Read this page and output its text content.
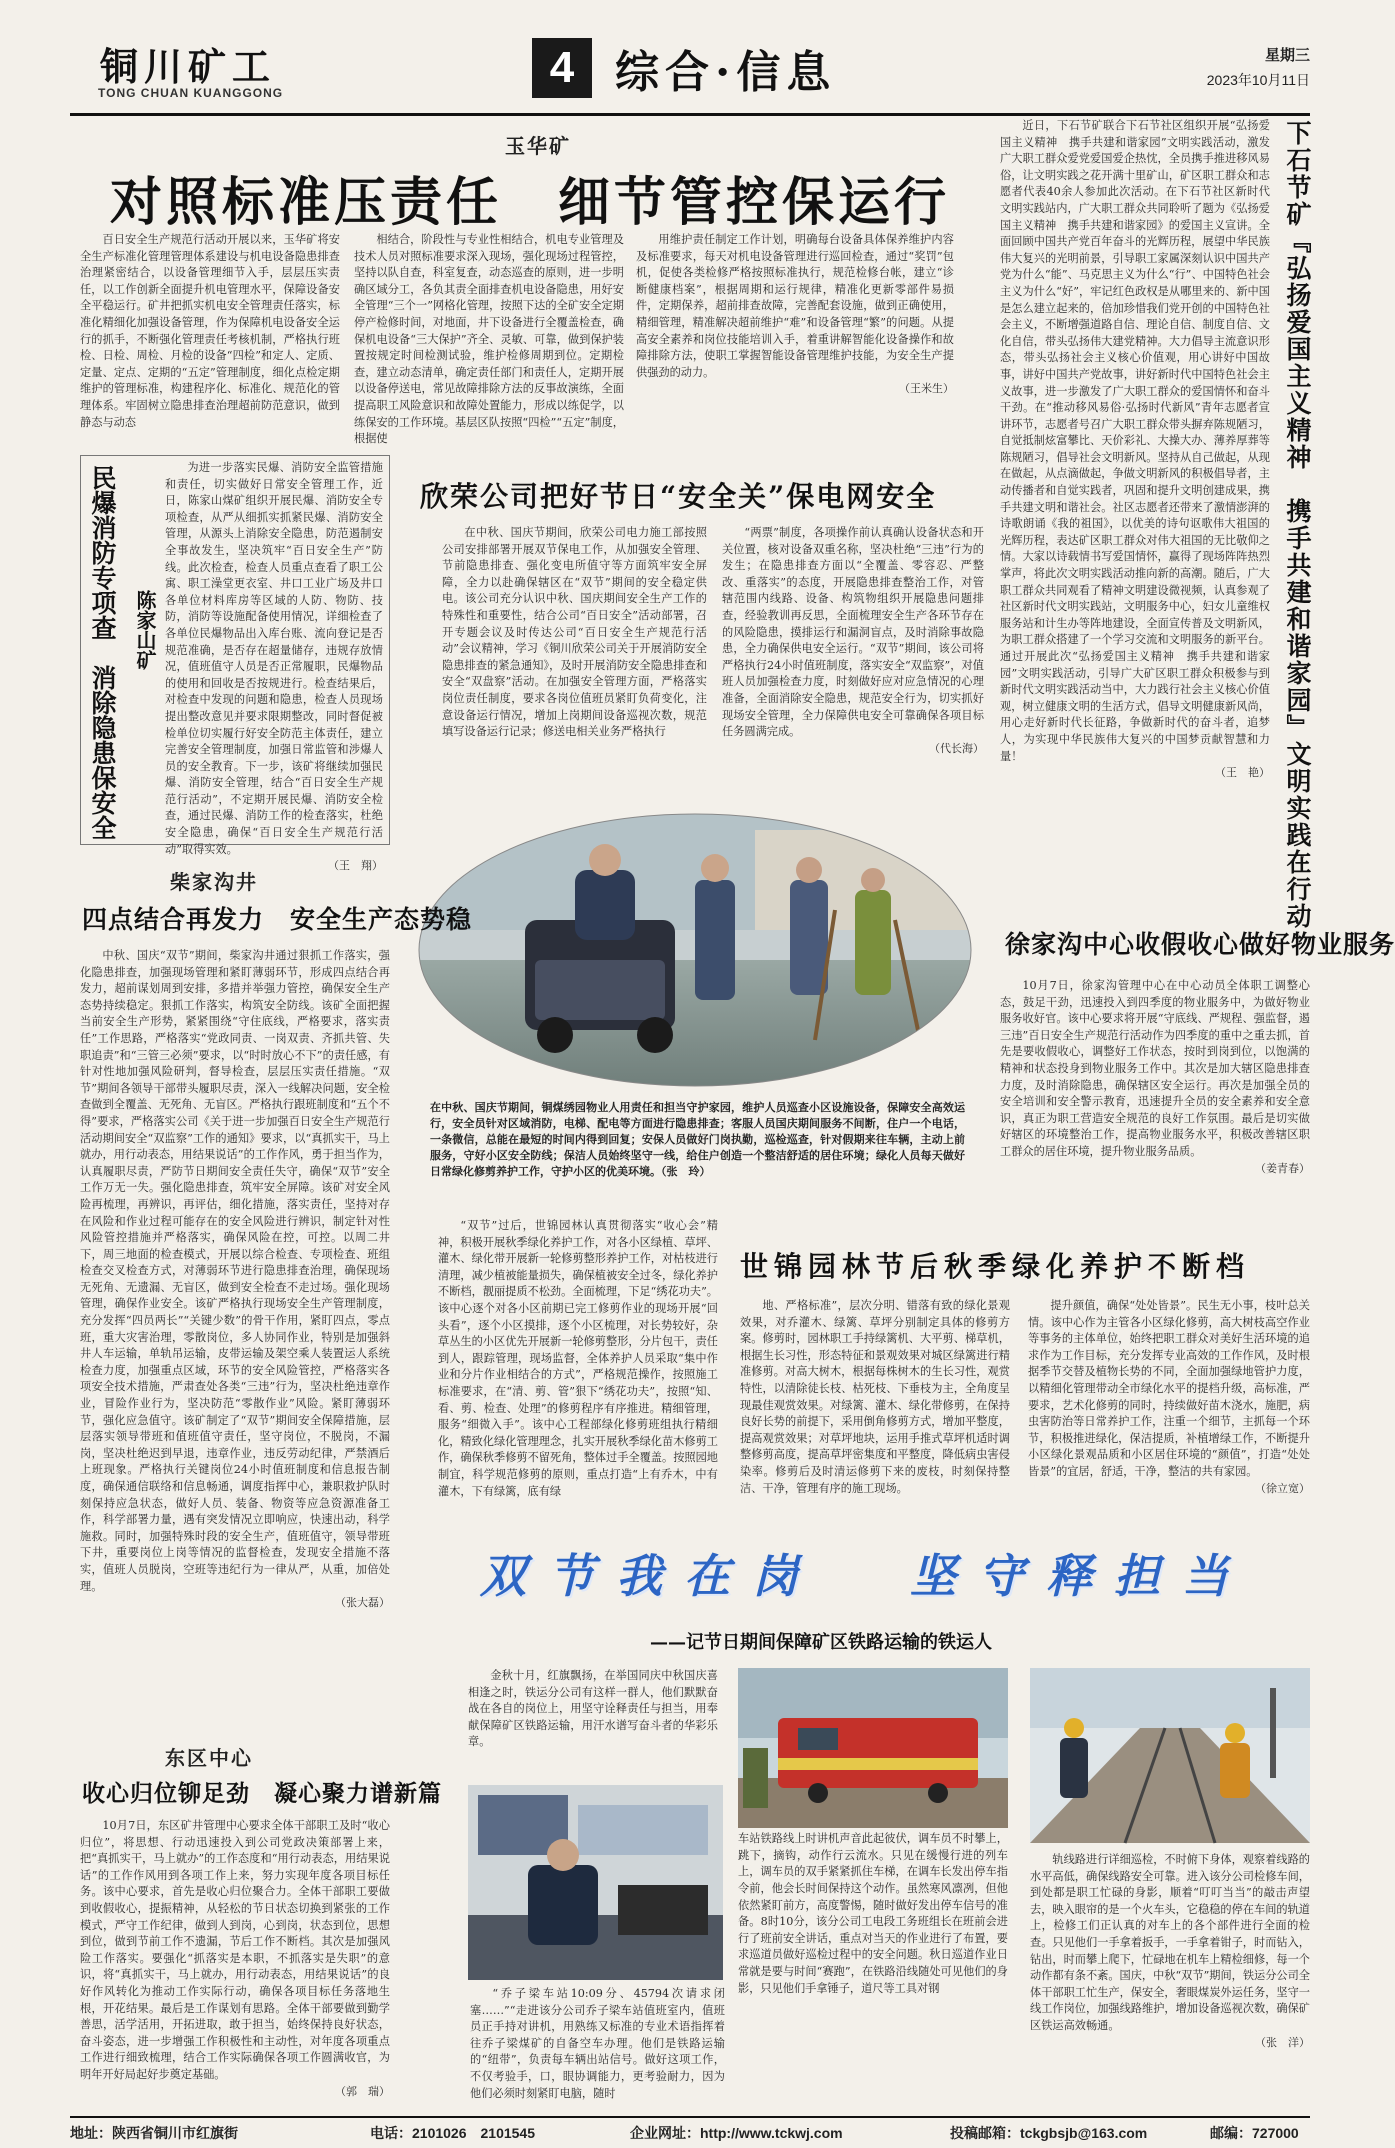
铜川矿工
TONG CHUAN KUANGGONG
4 综合·信息	星期三
2023年10月11日
玉华矿
对照标准压责任　细节管控保运行

百日安全生产规范行活动开展以来，玉华矿将安全生产标准化管理管理体系建设与机电设备隐患排查治理紧密结合，以设备管理细节入手，层层压实责任，以工作创新全面提升机电管理水平，保障设备安全平稳运行。矿井把抓实机电安全管理责任落实，标准化精细化加强设备管理，作为保障机电设备安全运行的抓手，不断强化管理责任考核机制，严格执行班检、日检、周检、月检的设备“四检”和定人、定质、定量、定点、定期的“五定”管理制度，细化点检定期维护的管理标准，构建程序化、标准化、规范化的管理体系。牢固树立隐患排查治理超前防范意识，做到静态与动态

相结合，阶段性与专业性相结合，机电专业管理及技术人员对照标准要求深入现场，强化现场过程管控，坚持以队自查，科室复查，动态巡查的原则，进一步明确区域分工，各负其责全面排查机电设备隐患，用好安全管理“三个一”网格化管理，按照下达的全矿安全定期停产检修时间，对地面，井下设备进行全覆盖检查，确保机电设备“三大保护”齐全、灵敏、可靠，做到保护装置按规定时间检测试验，维护检修周期到位。定期检查，建立动态清单，确定责任部门和责任人，定期开展以设备停送电，常见故障排除方法的反事故演练，全面提高职工风险意识和故障处置能力，形成以练促学，以练保安的工作环境。基层区队按照“四检”“五定”制度，根据使

用维护责任制定工作计划，明确每台设备具体保养维护内容及标准要求，每天对机电设备管理进行巡回检查，通过“奖罚”包机，促使各类检修严格按照标准执行，规范检修台帐，建立“诊断健康档案”，根据周期和运行规律，精准化更新零部件易损件，定期保养，超前排查故障，完善配套设施，做到正确使用，精细管理，精准解决超前维护“难”和设备管理“繁”的问题。从提高安全素养和岗位技能培训入手，着重讲解智能化设备操作和故障排除方法，使职工掌握智能设备管理维护技能，为安全生产提供强劲的动力。

（王米生）

近日，下石节矿联合下石节社区组织开展“弘扬爱国主义精神　携手共建和谐家园”文明实践活动，激发广大职工群众爱党爱国爱企热忱，全员携手推进移风易俗，让文明实践之花开满十里矿山，矿区职工群众和志愿者代表40余人参加此次活动。在下石节社区新时代文明实践站内，广大职工群众共同聆听了题为《弘扬爱国主义精神　携手共建和谐家园》的爱国主义宣讲。全面回顾中国共产党百年奋斗的光辉历程，展望中华民族伟大复兴的光明前景，引导职工家属深刻认识中国共产党为什么“能”、马克思主义为什么“行”、中国特色社会主义为什么“好”，牢记红色政权是从哪里来的、新中国是怎么建立起来的，倍加珍惜我们党开创的中国特色社会主义，不断增强道路自信、理论自信、制度自信、文化自信，带头弘扬伟大建党精神。大力倡导主流意识形态，带头弘扬社会主义核心价值观，用心讲好中国故事，讲好中国共产党故事，讲好新时代中国特色社会主义故事，进一步激发了广大职工群众的爱国情怀和奋斗干劲。在“推动移风易俗·弘扬时代新风”青年志愿者宣讲环节，志愿者号召广大职工群众带头摒弃陈规陋习，自觉抵制炫富攀比、天价彩礼、大操大办、薄养厚葬等陈规陋习，倡导社会文明新风。坚持从自己做起，从现在做起，从点滴做起，争做文明新风的积极倡导者，主动传播者和自觉实践者，巩固和提升文明创建成果，携手共建文明和谐社会。社区志愿者还带来了激情澎湃的诗歌朗诵《我的祖国》，以优美的诗句讴歌伟大祖国的光辉历程，表达矿区职工群众对伟大祖国的无比敬仰之情。大家以诗载情书写爱国情怀，赢得了现场阵阵热烈掌声，将此次文明实践活动推向新的高潮。随后，广大职工群众共同观看了精神文明建设微视频，认真参观了社区新时代文明实践站，文明服务中心，妇女儿童维权服务站和计生办等阵地建设，全面宣传普及文明新风，为职工群众搭建了一个学习交流和文明服务的新平台。通过开展此次“弘扬爱国主义精神　携手共建和谐家园”文明实践活动，引导广大矿区职工群众积极参与到新时代文明实践活动当中，大力践行社会主义核心价值观，树立健康文明的生活方式，倡导文明健康新风尚，用心走好新时代长征路，争做新时代的奋斗者，追梦人，为实现中华民族伟大复兴的中国梦贡献智慧和力量！

（王　艳） 下石节矿『弘扬爱国主义精神　携手共建和谐家园』文明实践在行动
民爆消防专项查　消除隐患保安全 陈家山矿

为进一步落实民爆、消防安全监管措施和责任，切实做好日常安全管理工作，近日，陈家山煤矿组织开展民爆、消防安全专项检查，从严从细抓实抓紧民爆、消防安全管理，从源头上消除安全隐患，防范遏制安全事故发生，坚决筑牢“百日安全生产”防线。此次检查，检查人员重点查看了职工公寓、职工澡堂更衣室、井口工业广场及井口各单位材料库房等区域的人防、物防、技防，消防等设施配备使用情况，详细检查了各单位民爆物品出入库台账、流向登记是否规范准确，是否存在超量储存，违规存放情况，值班值守人员是否正常履职，民爆物品的使用和回收是否按规进行。检查结果后，对检查中发现的问题和隐患，检查人员现场提出整改意见并要求限期整改，同时督促被检单位切实履行好安全防范主体责任，建立完善安全管理制度，加强日常监管和涉爆人员的安全教育。下一步，该矿将继续加强民爆、消防安全管理，结合“百日安全生产规范行活动”，不定期开展民爆、消防安全检查，通过民爆、消防工作的检查落实，杜绝安全隐患，确保“百日安全生产规范行活动”取得实效。

（王　翔）
欣荣公司把好节日“安全关”保电网安全

在中秋、国庆节期间，欣荣公司电力施工部按照公司安排部署开展双节保电工作，从加强安全管理、节前隐患排查、强化变电所值守等方面筑牢安全屏障，全力以赴确保辖区在“双节”期间的安全稳定供电。该公司充分认识中秋、国庆期间安全生产工作的特殊性和重要性，结合公司“百日安全”活动部署，召开专题会议及时传达公司“百日安全生产规范行活动”会议精神，学习《铜川欣荣公司关于开展消防安全隐患排查的紧急通知》，及时开展消防安全隐患排查和安全“双盘察”活动。在加强安全管理方面，严格落实岗位责任制度，要求各岗位值班员紧盯负荷变化，注意设备运行情况，增加上岗期间设备巡视次数，规范填写设备运行记录；修送电相关业务严格执行

“两票”制度，各项操作前认真确认设备状态和开关位置，核对设备双重名称，坚决杜绝“三违”行为的发生；在隐患排查方面以“全覆盖、零容忍、严整改、重落实”的态度，开展隐患排查整治工作，对管辖范围内线路、设备、构筑物组织开展隐患问题排查，经验教训再反思，全面梳理安全生产各环节存在的风险隐患，摸排运行和漏洞盲点，及时消除事故隐患，全力确保供电安全运行。“双节”期间，该公司将严格执行24小时值班制度，落实安全“双监察”，对值班人员加强检查力度，时刻做好应对应急情况的心理准备，全面消除安全隐患，规范安全行为，切实抓好现场安全管理，全力保障供电安全可靠确保各项目标任务圆满完成。

（代长海）
在中秋、国庆节期间，铜煤绣园物业人用责任和担当守护家园，维护人员巡查小区设施设备，保障安全高效运行，安全员针对区域消防，电梯、配电等方面进行隐患排查；客服人员国庆期间服务不间断，住户一个电话，一条微信，总能在最短的时间内得到回复；安保人员做好门岗执勤，巡检巡查，针对假期来往车辆，主动上前服务，守好小区安全防线；保洁人员始终坚守一线，给住户创造一个整洁舒适的居住环境；绿化人员每天做好日常绿化修剪养护工作，守护小区的优美环境。（张　玲）
柴家沟井
四点结合再发力　安全生产态势稳

中秋、国庆“双节”期间，柴家沟井通过狠抓工作落实，强化隐患排查，加强现场管理和紧盯薄弱环节，形成四点结合再发力，超前谋划周到安排，多措并举强力管控，确保安全生产态势持续稳定。狠抓工作落实，构筑安全防线。该矿全面把握当前安全生产形势，紧紧围绕“守住底线，严格要求，落实责任”工作思路，严格落实“党政同责、一岗双责、齐抓共管、失职追责”和“三管三必须”要求，以“时时放心不下”的责任感，有针对性地加强风险研判，督导检查，层层压实责任措施。“双节”期间各领导干部带头履职尽责，深入一线解决问题，安全检查做到全覆盖、无死角、无盲区。严格执行跟班制度和“五个不得”要求，严格落实公司《关于进一步加强百日安全生产规范行活动期间安全“双监察”工作的通知》要求，以“真抓实干，马上就办，用行动表态，用结果说话”的工作作风，勇于担当作为，认真履职尽责，严防节日期间安全责任失守，确保“双节”安全工作万无一失。强化隐患排查，筑牢安全屏障。该矿对安全风险再梳理，再辨识，再评估，细化措施，落实责任，坚持对存在风险和作业过程可能存在的安全风险进行辨识，制定针对性风险管控措施并严格落实，确保风险在控，可控。以周二井下，周三地面的检查模式，开展以综合检查、专项检查、班组检查交叉检查方式，对薄弱环节进行隐患排查治理，确保现场无死角、无遗漏、无盲区，做到安全检查不走过场。强化现场管理，确保作业安全。该矿严格执行现场安全生产管理制度，充分发挥“四员两长”“关键少数”的骨干作用，紧盯四点，零点班，重大灾害治理，零散岗位，多人协同作业，特别是加强斜井人车运输，单轨吊运输，皮带运输及架空乘人装置运人系统检查力度，加强重点区域，环节的安全风险管控，严格落实各项安全技术措施，严肃查处各类“三违”行为，坚决杜绝违章作业，冒险作业行为，坚决防范“零散作业”风险。紧盯薄弱环节，强化应急值守。该矿制定了“双节”期间安全保障措施，层层落实领导带班和值班值守责任，坚守岗位，不脱岗，不漏岗，坚决杜绝迟到早退，违章作业，违反劳动纪律，严禁酒后上班现象。严格执行关键岗位24小时值班制度和信息报告制度，确保通信联络和信息畅通，调度指挥中心，兼职救护队时刻保持应急状态，做好人员、装备、物资等应急资源准备工作，科学部署力量，遇有突发情况立即响应，快速出动，科学施救。同时，加强特殊时段的安全生产，值班值守，领导带班下井，重要岗位上岗等情况的监督检查，发现安全措施不落实，值班人员脱岗，空班等违纪行为一律从严，从重，加倍处理。

（张大磊）
徐家沟中心收假收心做好物业服务

10月7日，徐家沟管理中心在中心动员全体职工调整心态，鼓足干劲，迅速投入到四季度的物业服务中，为做好物业服务收好官。该中心要求将开展“守底线、严规程、强监督，遏三违”百日安全生产规范行活动作为四季度的重中之重去抓，首先是要收假收心，调整好工作状态，按时到岗到位，以饱满的精神和状态投身到物业服务工作中。其次是加大辖区隐患排查力度，及时消除隐患，确保辖区安全运行。再次是加强全员的安全培训和安全警示教育，迅速提升全员的安全素养和安全意识，真正为职工营造安全规范的良好工作氛围。最后是切实做好辖区的环境整治工作，提高物业服务水平，积极改善辖区职工群众的居住环境，提升物业服务品质。

（姜青春）
世锦园林节后秋季绿化养护不断档

“双节”过后，世锦园林认真贯彻落实“收心会”精神，积极开展秋季绿化养护工作，对各小区绿植、草坪、灌木、绿化带开展新一轮修剪整形养护工作，对枯枝进行清理，减少植被能量损失，确保植被安全过冬，绿化养护不断档，靓丽提质不松劲。全面梳理，下足“绣花功夫”。该中心逐个对各小区前期已完工修剪作业的现场开展“回头看”，逐个小区摸排，逐个小区梳理，对长势较好，杂草丛生的小区优先开展新一轮修剪整形，分片包干，责任到人，跟踪管理，现场监督，全体养护人员采取“集中作业和分片作业相结合的方式”，严格规范操作，按照施工标准要求，在“清、剪、管”狠下“绣花功夫”，按照“知、看、剪、检查、处理”的修剪程序有序推进。精细管理，服务“细微入手”。该中心工程部绿化修剪班组执行精细化，精致化绿化管理理念，扎实开展秋季绿化苗木修剪工作，确保秋季修剪不留死角，整体过手全覆盖。按照园地制宜，科学规范修剪的原则，重点打造“上有乔木，中有灌木，下有绿篱，底有绿

地、严格标准”，层次分明、错落有致的绿化景观效果，对乔灌木、绿篱、草坪分别制定具体的修剪方案。修剪时，园林职工手持绿篱机、大平剪、梯草机，根据生长习性，形态特征和景观效果对城区绿篱进行精准修剪。对高大树木，根据每株树木的生长习性，观赏特性，以清除徒长枝、枯死枝、下垂枝为主，全角度呈现最佳观赏效果。对绿篱、灌木、绿化带修剪，在保持良好长势的前提下，采用倒角修剪方式，增加平整度，提高观赏效果；对草坪地块，运用手推式草坪机适时调整修剪高度，提高草坪密集度和平整度，降低病虫害侵染率。修剪后及时清运修剪下来的废枝，时刻保持整洁、干净，管理有序的施工现场。

提升颜值，确保“处处皆景”。民生无小事，枝叶总关情。该中心作为主管各小区绿化修剪，高大树枝高空作业等事务的主体单位，始终把职工群众对美好生活环境的追求作为工作目标，充分发挥专业高效的工作作风，及时根据季节交替及植物长势的不同，全面加强绿地管护力度，以精细化管理带动全市绿化水平的提档升级，高标准，严要求，艺术化修剪的同时，持续做好苗木浇水，施肥，病虫害防治等日常养护工作，注重一个细节，主抓每一个环节，积极推进绿化，保洁提质，补植增绿工作，不断提升小区绿化景观品质和小区居住环境的“颜值”，打造“处处皆景”的宜居，舒适，干净，整洁的共有家园。

（徐立宽）
双节我在岗 坚守释担当
——记节日期间保障矿区铁路运输的铁运人

金秋十月，红旗飘扬，在举国同庆中秋国庆喜相逢之时，铁运分公司有这样一群人，他们默默奋战在各自的岗位上，用坚守诠释责任与担当，用奉献保障矿区铁路运输，用汗水谱写奋斗者的华彩乐章。

车站铁路线上时讲机声音此起彼伏，调车员不时攀上，跳下，摘钩，动作行云流水。只见在缓慢行进的列车上，调车员的双手紧紧抓住车梯，在调车长发出停车指令前，他会长时间保持这个动作。虽然寒风凛冽，但他依然紧盯前方，高度警惕，随时做好发出停车信号的准备。8时10分，该分公司工电段工务班组长在班前会进行了班前安全讲话，重点对当天的作业进行了布置，要求巡道员做好巡检过程中的安全问题。秋日巡道作业日常就是要与时间“赛跑”，在铁路沿线随处可见他们的身影，只见他们手拿锤子，道尺等工具对钢

“乔子梁车站10:09分、45794次请求闭塞……”“走进该分公司乔子梁车站值班室内，值班员正手持对讲机，用熟练又标准的专业术语指挥着往乔子梁煤矿的自备空车办理。他们是铁路运输的“纽带”，负责每车辆出站信号。做好这项工作，不仅考验手，口，眼协调能力，更考验耐力，因为他们必须时刻紧盯电脑，随时

轨线路进行详细巡检，不时俯下身体，观察着线路的水平高低，确保线路安全可靠。进入该分公司检修车间，到处都是职工忙碌的身影，顺着“叮叮当当”的敲击声望去，映入眼帘的是一个火车头，它稳稳的停在车间的轨道上，检修工们正认真的对车上的各个部件进行全面的检查。只见他们一手拿着扳手，一手拿着钳子，时而钻入，钻出，时而攀上爬下，忙碌地在机车上精检细修，每一个动作都有条不紊。国庆，中秋“双节”期间，铁运分公司全体干部职工忙生产，保安全，奢眼煤炭外运任务，坚守一线工作岗位，加强线路维护，增加设备巡视次数，确保矿区铁运高效畅通。

（张　洋）
东区中心
收心归位铆足劲　凝心聚力谱新篇

10月7日，东区矿井管理中心要求全体干部职工及时“收心归位”，将思想、行动迅速投入到公司党政决策部署上来，把“真抓实干，马上就办”的工作态度和“用行动表态，用结果说话”的工作作风用到各项工作上来，努力实现年度各项目标任务。该中心要求，首先是收心归位聚合力。全体干部职工要做到收假收心，提振精神，从轻松的节日状态切换到紧张的工作模式，严守工作纪律，做到人到岗，心到岗，状态到位，思想到位，做到节前工作不遗漏，节后工作不断档。其次是加强风险工作落实。要强化“抓落实是本职，不抓落实是失职”的意识，将“真抓实干，马上就办，用行动表态，用结果说话”的良好作风转化为推动工作实际行动，确保各项目标任务落地生根，开花结果。最后是工作谋划有思路。全体干部要做到勤学善思，活学活用，开拓进取，敢于担当，始终保持良好状态，奋斗姿态，进一步增强工作积极性和主动性，对年度各项重点工作进行细致梳理，结合工作实际确保各项工作圆满收官，为明年开好局起好步奠定基础。

（郭　瑞）
地址：陕西省铜川市红旗街	电话：2101026　2101545	企业网址：http://www.tckwj.com	投稿邮箱：tckgbsjb@163.com	邮编：727000
